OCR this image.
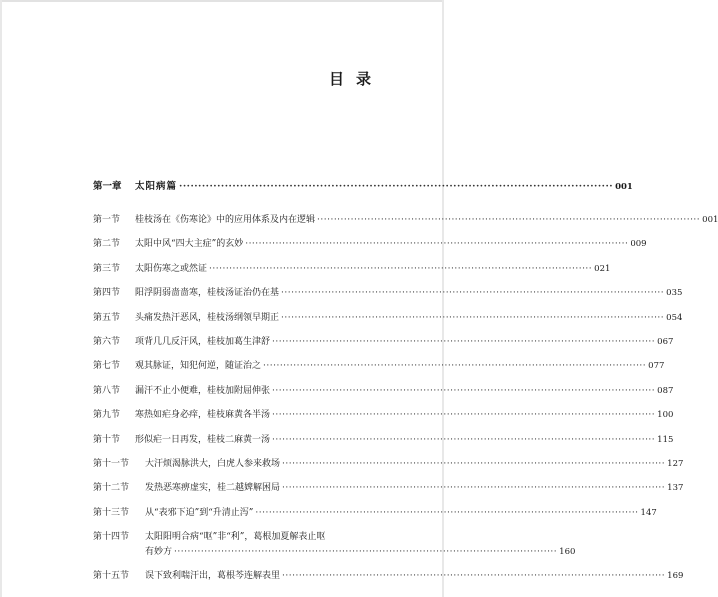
目 录
第一章	太阳病篇 ·····	001
第一节	桂枝汤在《伤寒论》中的应用体系及内在逻辑 ·····	001
第二节	太阳中风“四大主症”的玄妙 ·····	009
第三节	太阳伤寒之或然证 ·····	021
第四节	阳浮阴弱啬啬寒，桂枝汤证治仍在基 ·····	035
第五节	头痛发热汗恶风，桂枝汤纲领早期正 ·····	054
第六节	项背几几反汗风，桂枝加葛生津舒 ·····	067
第七节	观其脉证，知犯何逆，随证治之 ·····	077
第八节	漏汗不止小便难，桂枝加附屈伸张 ·····	087
第九节	寒热如疟身必痒，桂枝麻黄各半汤 ·····	100
第十节	形似疟一日再发，桂枝二麻黄一汤 ·····	115
第十一节	大汗烦渴脉洪大，白虎人参来救场 ·····	127
第十二节	发热恶寒痹虚实，桂二越婢解困局 ·····	137
第十三节	从“表邪下迫”到“升清止泻” ·····	147
第十四节	太阳阳明合病“呕”非“利”，葛根加夏解表止呕
有妙方 ·····	160
第十五节	误下致利喘汗出，葛根芩连解表里 ·····	169
